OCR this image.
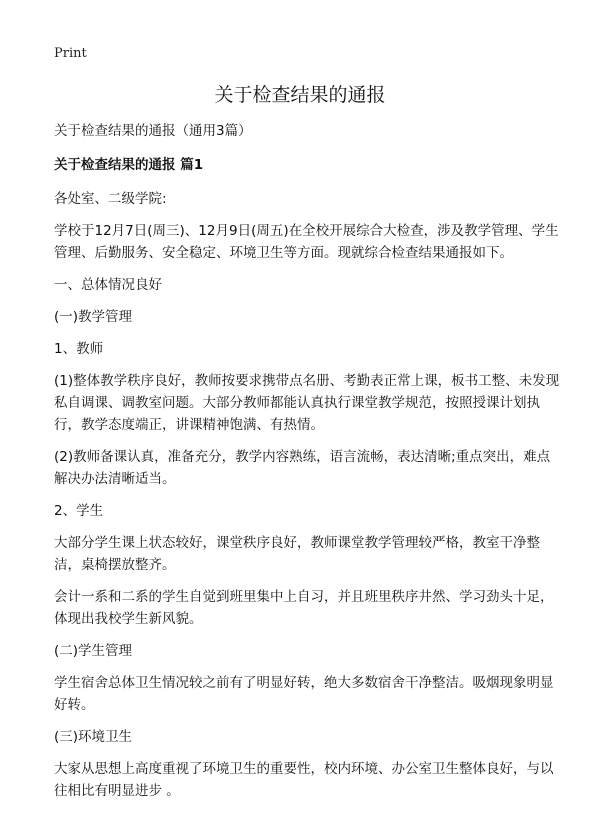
Print
关于检查结果的通报

关于检查结果的通报（通用3篇）

关于检查结果的通报 篇1

各处室、二级学院:

学校于12月7日(周三)、12月9日(周五)在全校开展综合大检查，涉及教学管理、学生管理、后勤服务、安全稳定、环境卫生等方面。现就综合检查结果通报如下。

一、总体情况良好

(一)教学管理

1、教师

(1)整体教学秩序良好，教师按要求携带点名册、考勤表正常上课，板书工整、未发现私自调课、调教室问题。大部分教师都能认真执行课堂教学规范，按照授课计划执行，教学态度端正，讲课精神饱满、有热情。

(2)教师备课认真，准备充分，教学内容熟练，语言流畅，表达清晰;重点突出，难点解决办法清晰适当。

2、学生

大部分学生课上状态较好，课堂秩序良好，教师课堂教学管理较严格，教室干净整洁，桌椅摆放整齐。

会计一系和二系的学生自觉到班里集中上自习，并且班里秩序井然、学习劲头十足，体现出我校学生新风貌。

(二)学生管理

学生宿舍总体卫生情况较之前有了明显好转，绝大多数宿舍干净整洁。吸烟现象明显好转。

(三)环境卫生

大家从思想上高度重视了环境卫生的重要性，校内环境、办公室卫生整体良好，与以往相比有明显进步 。
